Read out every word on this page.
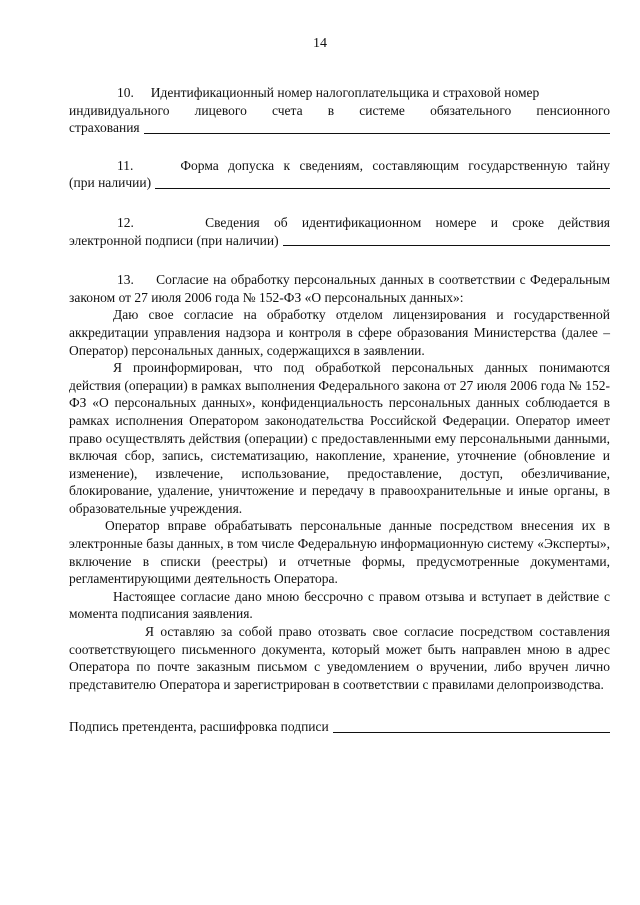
14

10. Идентификационный номер налогоплательщика и страховой номер

индивидуального лицевого счета в системе обязательного пенсионного

страхования

11.	Форма допуска к сведениям, составляющим государственную тайну

(при наличии)

12.	Сведения об идентификационном номере и сроке действия

электронной подписи (при наличии)

13. Согласие на обработку персональных данных в соответствии с Федеральным законом от 27 июля 2006 года № 152-ФЗ «О персональных данных»:

Даю свое согласие на обработку отделом лицензирования и государственной аккредитации управления надзора и контроля в сфере образования Министерства (далее – Оператор) персональных данных, содержащихся в заявлении.

Я проинформирован, что под обработкой персональных данных понимаются действия (операции) в рамках выполнения Федерального закона от 27 июля 2006 года № 152-ФЗ «О персональных данных», конфиденциальность персональных данных соблюдается в рамках исполнения Оператором законодательства Российской Федерации. Оператор имеет право осуществлять действия (операции) с предоставленными ему персональными данными, включая сбор, запись, систематизацию, накопление, хранение, уточнение (обновление и изменение), извлечение, использование, предоставление, доступ, обезличивание, блокирование, удаление, уничтожение и передачу в правоохранительные и иные органы, в образовательные учреждения.

Оператор вправе обрабатывать персональные данные посредством внесения их в электронные базы данных, в том числе Федеральную информационную систему «Эксперты», включение в списки (реестры) и отчетные формы, предусмотренные документами, регламентирующими деятельность Оператора.

Настоящее согласие дано мною бессрочно с правом отзыва и вступает в действие с момента подписания заявления.

Я оставляю за собой право отозвать свое согласие посредством составления соответствующего письменного документа, который может быть направлен мною в адрес Оператора по почте заказным письмом с уведомлением о вручении, либо вручен лично представителю Оператора и зарегистрирован в соответствии с правилами делопроизводства.

Подпись претендента, расшифровка подписи
